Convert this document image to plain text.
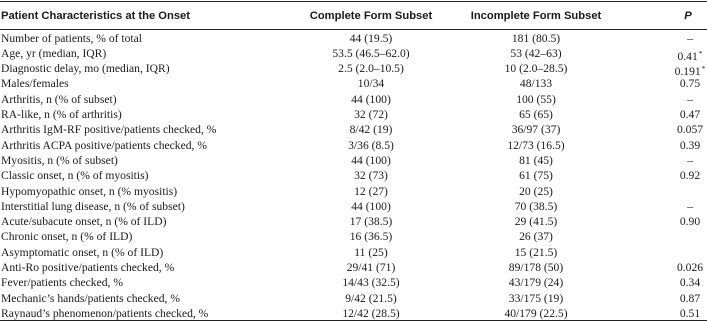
Patient Characteristics at the Onset	Complete Form Subset	Incomplete Form Subset	P
Number of patients, % of total	44 (19.5)	181 (80.5)	–
Age, yr (median, IQR)	53.5 (46.5–62.0)	53 (42–63)	0.41*
Diagnostic delay, mo (median, IQR)	2.5 (2.0–10.5)	10 (2.0–28.5)	0.191*
Males/females	10/34	48/133	0.75
Arthritis, n (% of subset)	44 (100)	100 (55)	–
RA-like, n (% of arthritis)	32 (72)	65 (65)	0.47
Arthritis IgM-RF positive/patients checked, %	8/42 (19)	36/97 (37)	0.057
Arthritis ACPA positive/patients checked, %	3/36 (8.5)	12/73 (16.5)	0.39
Myositis, n (% of subset)	44 (100)	81 (45)	–
Classic onset, n (% of myositis)	32 (73)	61 (75)	0.92
Hypomyopathic onset, n (% myositis)	12 (27)	20 (25)
Interstitial lung disease, n (% of subset)	44 (100)	70 (38.5)	–
Acute/subacute onset, n (% of ILD)	17 (38.5)	29 (41.5)	0.90
Chronic onset, n (% of ILD)	16 (36.5)	26 (37)
Asymptomatic onset, n (% of ILD)	11 (25)	15 (21.5)
Anti-Ro positive/patients checked, %	29/41 (71)	89/178 (50)	0.026
Fever/patients checked, %	14/43 (32.5)	43/179 (24)	0.34
Mechanic’s hands/patients checked, %	9/42 (21.5)	33/175 (19)	0.87
Raynaud’s phenomenon/patients checked, %	12/42 (28.5)	40/179 (22.5)	0.51
